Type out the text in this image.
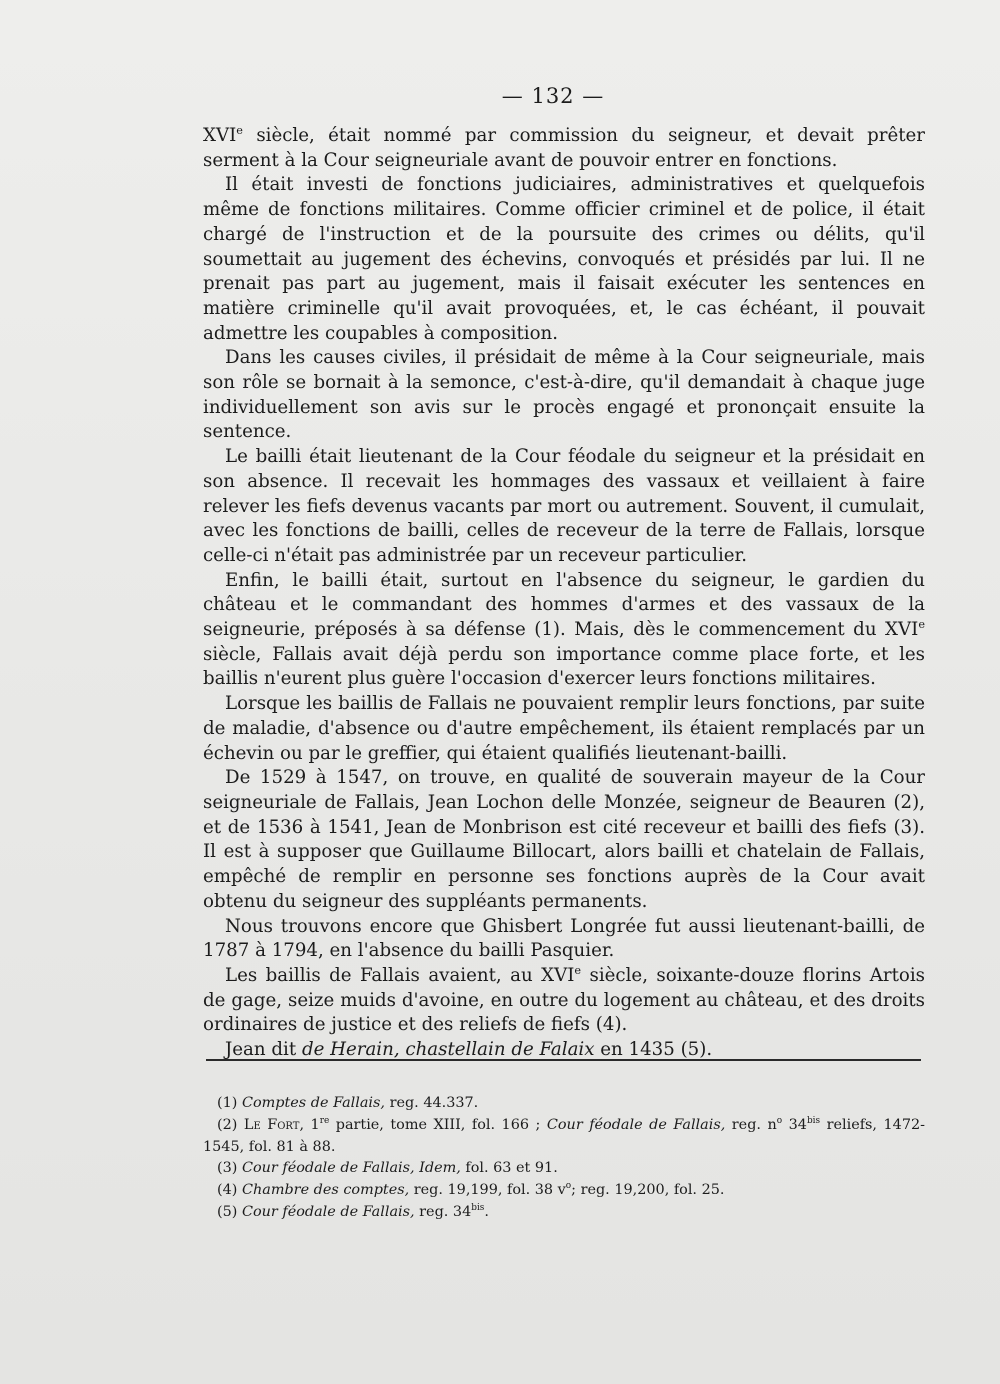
— 132 —

XVIe siècle, était nommé par commission du seigneur, et devait prêter serment à la Cour seigneuriale avant de pouvoir entrer en fonctions.

Il était investi de fonctions judiciaires, administratives et quelquefois même de fonctions militaires. Comme officier criminel et de police, il était chargé de l'instruction et de la poursuite des crimes ou délits, qu'il soumettait au jugement des échevins, convoqués et présidés par lui. Il ne prenait pas part au jugement, mais il faisait exécuter les sentences en matière criminelle qu'il avait provoquées, et, le cas échéant, il pouvait admettre les coupables à composition.

Dans les causes civiles, il présidait de même à la Cour seigneuriale, mais son rôle se bornait à la semonce, c'est-à-dire, qu'il demandait à chaque juge individuellement son avis sur le procès engagé et prononçait ensuite la sentence.

Le bailli était lieutenant de la Cour féodale du seigneur et la présidait en son absence. Il recevait les hommages des vassaux et veillaient à faire relever les fiefs devenus vacants par mort ou autrement. Souvent, il cumulait, avec les fonctions de bailli, celles de receveur de la terre de Fallais, lorsque celle-ci n'était pas administrée par un receveur particulier.

Enfin, le bailli était, surtout en l'absence du seigneur, le gardien du château et le commandant des hommes d'armes et des vassaux de la seigneurie, préposés à sa défense (1). Mais, dès le commencement du XVIe siècle, Fallais avait déjà perdu son importance comme place forte, et les baillis n'eurent plus guère l'occasion d'exercer leurs fonctions militaires.

Lorsque les baillis de Fallais ne pouvaient remplir leurs fonctions, par suite de maladie, d'absence ou d'autre empêchement, ils étaient remplacés par un échevin ou par le greffier, qui étaient qualifiés lieutenant-bailli.

De 1529 à 1547, on trouve, en qualité de souverain mayeur de la Cour seigneuriale de Fallais, Jean Lochon delle Monzée, seigneur de Beauren (2), et de 1536 à 1541, Jean de Monbrison est cité receveur et bailli des fiefs (3). Il est à supposer que Guillaume Billocart, alors bailli et chatelain de Fallais, empêché de remplir en personne ses fonctions auprès de la Cour avait obtenu du seigneur des suppléants permanents.

Nous trouvons encore que Ghisbert Longrée fut aussi lieutenant-bailli, de 1787 à 1794, en l'absence du bailli Pasquier.

Les baillis de Fallais avaient, au XVIe siècle, soixante-douze florins Artois de gage, seize muids d'avoine, en outre du logement au château, et des droits ordinaires de justice et des reliefs de fiefs (4).

Jean dit de Herain, chastellain de Falaix en 1435 (5).

(1) Comptes de Fallais, reg. 44.337.

(2) Le Fort, 1re partie, tome XIII, fol. 166 ; Cour féodale de Fallais, reg. $n^o$ $34^{bis}$ reliefs, 1472-1545, fol. 81 à 88.

(3) Cour féodale de Fallais, Idem, fol. 63 et 91.

(4) Chambre des comptes, reg. 19,199, fol. 38 $v^o$; reg. 19,200, fol. 25.

(5) Cour féodale de Fallais, reg. $34^{bis}$.
